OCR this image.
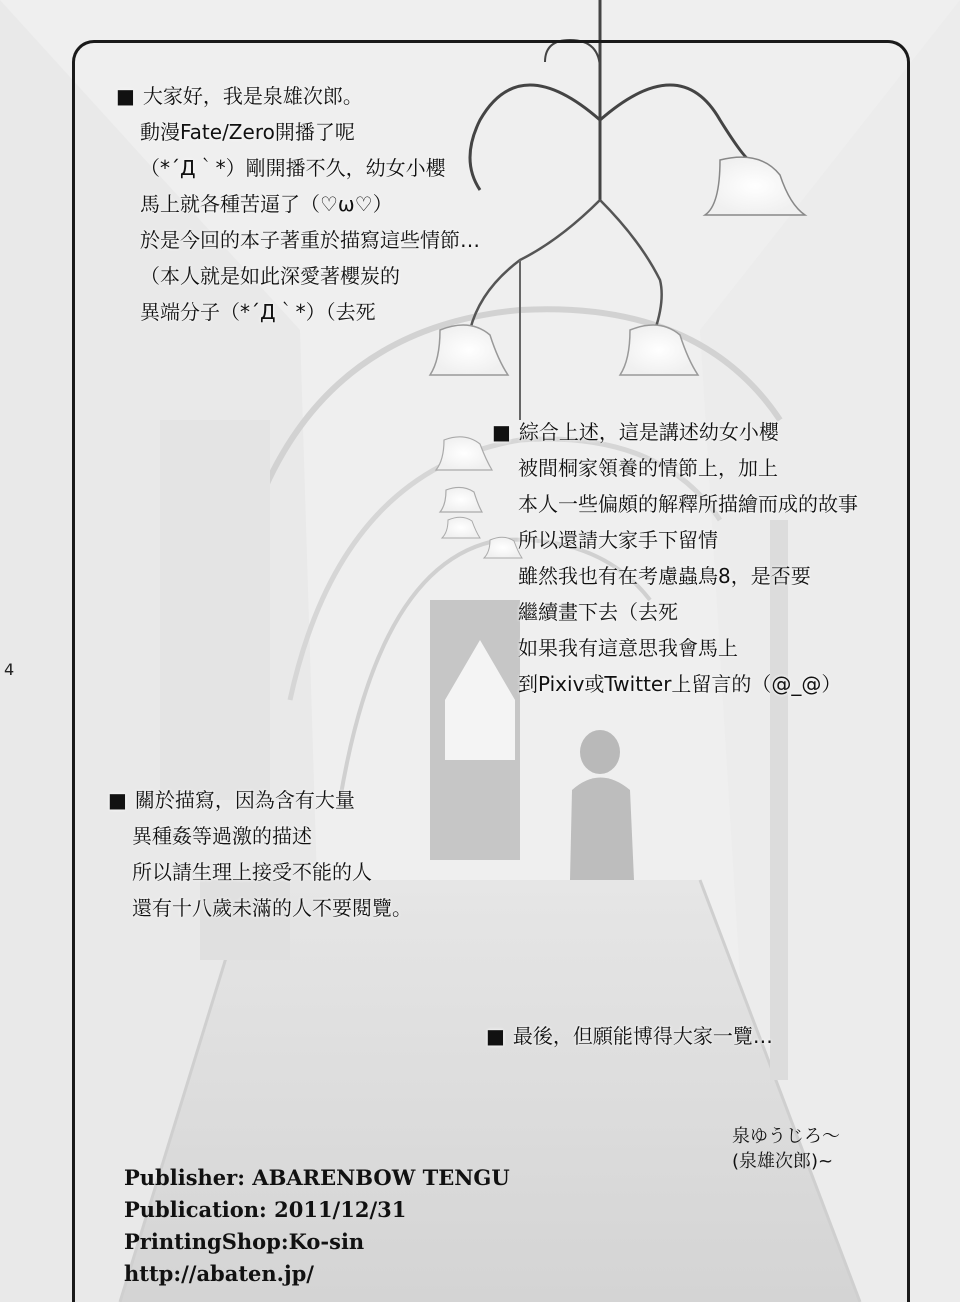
4

■ 大家好，我是泉雄次郎。

動漫Fate/Zero開播了呢

（*´Д｀*）剛開播不久，幼女小櫻

馬上就各種苦逼了（♡ω♡）

於是今回的本子著重於描寫這些情節…

（本人就是如此深愛著櫻炭的

異端分子（*´Д｀*）（去死

■ 綜合上述，這是講述幼女小櫻

被間桐家領養的情節上，加上

本人一些偏頗的解釋所描繪而成的故事

所以還請大家手下留情

雖然我也有在考慮蟲鳥8，是否要

繼續畫下去（去死

如果我有這意思我會馬上

到Pixiv或Twitter上留言的（@_@）

■ 關於描寫，因為含有大量

異種姦等過激的描述

所以請生理上接受不能的人

還有十八歲未滿的人不要閱覽。

■ 最後，但願能博得大家一覽…

泉ゆうじろ～

(泉雄次郎)~

Publisher: ABARENBOW TENGU

Publication: 2011/12/31

PrintingShop:Ko-sin

http://abaten.jp/
